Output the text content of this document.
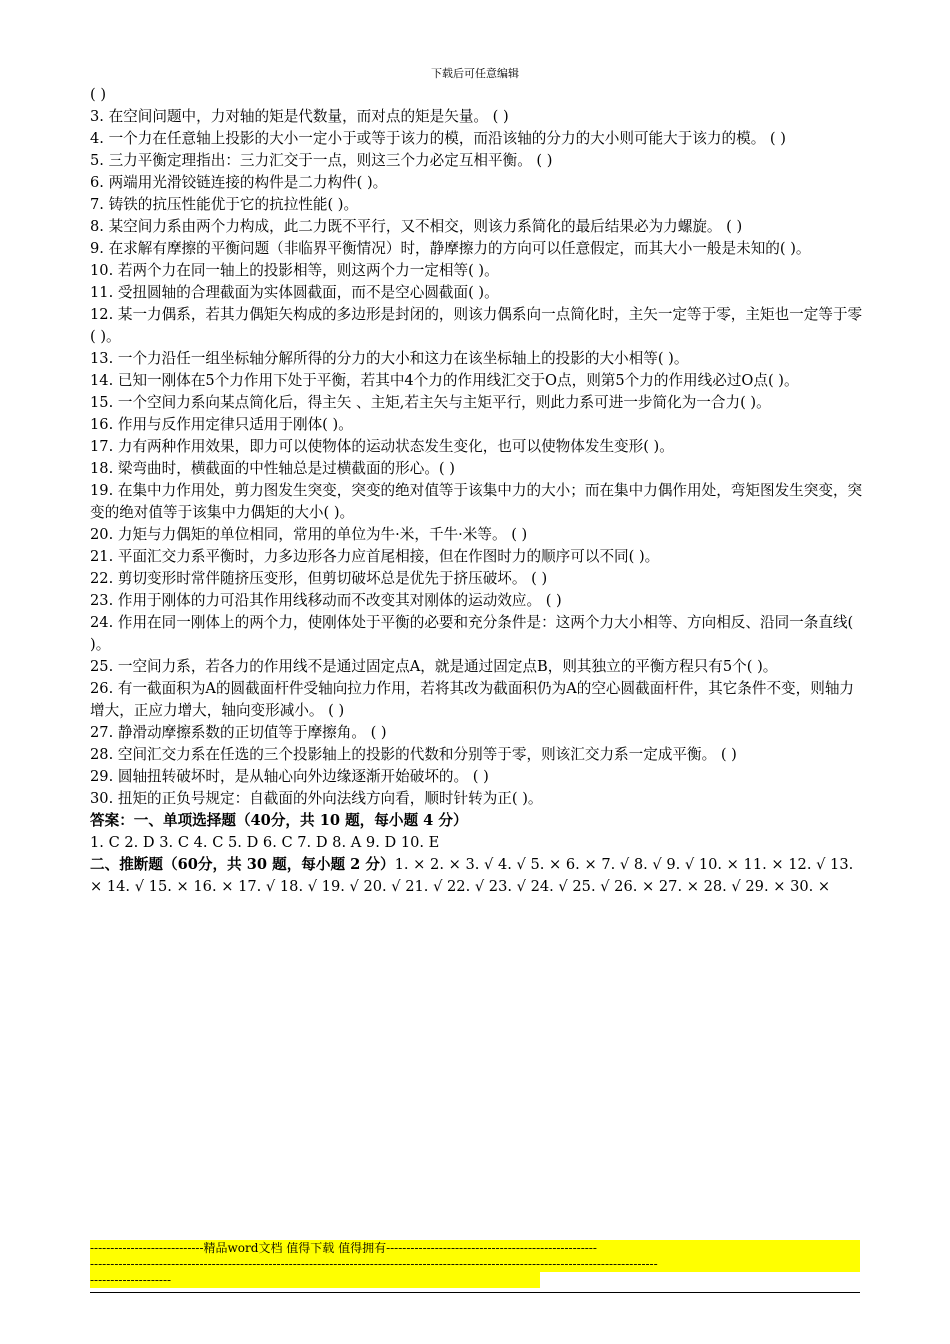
下载后可任意编辑

( )

3. 在空间问题中，力对轴的矩是代数量，而对点的矩是矢量。 ( )

4. 一个力在任意轴上投影的大小一定小于或等于该力的模，而沿该轴的分力的大小则可能大于该力的模。 ( )

5. 三力平衡定理指出：三力汇交于一点，则这三个力必定互相平衡。 ( )

6. 两端用光滑铰链连接的构件是二力构件( )。

7. 铸铁的抗压性能优于它的抗拉性能( )。

8. 某空间力系由两个力构成，此二力既不平行，又不相交，则该力系简化的最后结果必为力螺旋。 ( )

9. 在求解有摩擦的平衡问题（非临界平衡情况）时，静摩擦力的方向可以任意假定，而其大小一般是未知的( )。

10. 若两个力在同一轴上的投影相等，则这两个力一定相等( )。

11. 受扭圆轴的合理截面为实体圆截面，而不是空心圆截面( )。

12. 某一力偶系，若其力偶矩矢构成的多边形是封闭的，则该力偶系向一点简化时，主矢一定等于零，主矩也一定等于零( )。

13. 一个力沿任一组坐标轴分解所得的分力的大小和这力在该坐标轴上的投影的大小相等( )。

14. 已知一刚体在5个力作用下处于平衡，若其中4个力的作用线汇交于O点，则第5个力的作用线必过O点( )。

15. 一个空间力系向某点简化后，得主矢 、主矩,若主矢与主矩平行，则此力系可进一步简化为一合力( )。

16. 作用与反作用定律只适用于刚体( )。

17. 力有两种作用效果，即力可以使物体的运动状态发生变化，也可以使物体发生变形( )。

18. 梁弯曲时，横截面的中性轴总是过横截面的形心。( )

19. 在集中力作用处，剪力图发生突变，突变的绝对值等于该集中力的大小；而在集中力偶作用处，弯矩图发生突变，突变的绝对值等于该集中力偶矩的大小( )。

20. 力矩与力偶矩的单位相同，常用的单位为牛·米，千牛·米等。 ( )

21. 平面汇交力系平衡时，力多边形各力应首尾相接，但在作图时力的顺序可以不同( )。

22. 剪切变形时常伴随挤压变形，但剪切破坏总是优先于挤压破坏。 ( )

23. 作用于刚体的力可沿其作用线移动而不改变其对刚体的运动效应。 ( )

24. 作用在同一刚体上的两个力，使刚体处于平衡的必要和充分条件是：这两个力大小相等、方向相反、沿同一条直线( )。

25. 一空间力系，若各力的作用线不是通过固定点A，就是通过固定点B，则其独立的平衡方程只有5个( )。

26. 有一截面积为A的圆截面杆件受轴向拉力作用，若将其改为截面积仍为A的空心圆截面杆件，其它条件不变，则轴力增大，正应力增大，轴向变形减小。 ( )

27. 静滑动摩擦系数的正切值等于摩擦角。 ( )

28. 空间汇交力系在任选的三个投影轴上的投影的代数和分别等于零，则该汇交力系一定成平衡。 ( )

29. 圆轴扭转破坏时，是从轴心向外边缘逐渐开始破坏的。 ( )

30. 扭矩的正负号规定：自截面的外向法线方向看，顺时针转为正( )。

答案：一、单项选择题（40分，共 10 题，每小题 4 分）

1. C 2. D 3. C 4. C 5. D 6. C 7. D 8. A 9. D 10. E

二、推断题（60分，共 30 题，每小题 2 分）1. × 2. × 3. √ 4. √ 5. × 6. × 7. √ 8. √ 9. √ 10. × 11. × 12. √ 13. × 14. √ 15. × 16. × 17. √ 18. √ 19. √ 20. √ 21. √ 22. √ 23. √ 24. √ 25. √ 26. × 27. × 28. √ 29. × 30. ×

----------------------------精品word文档 值得下载 值得拥有----------------------------------------------------
--------------------------------------------------------------------------------------------------------------------------------------------
--------------------
